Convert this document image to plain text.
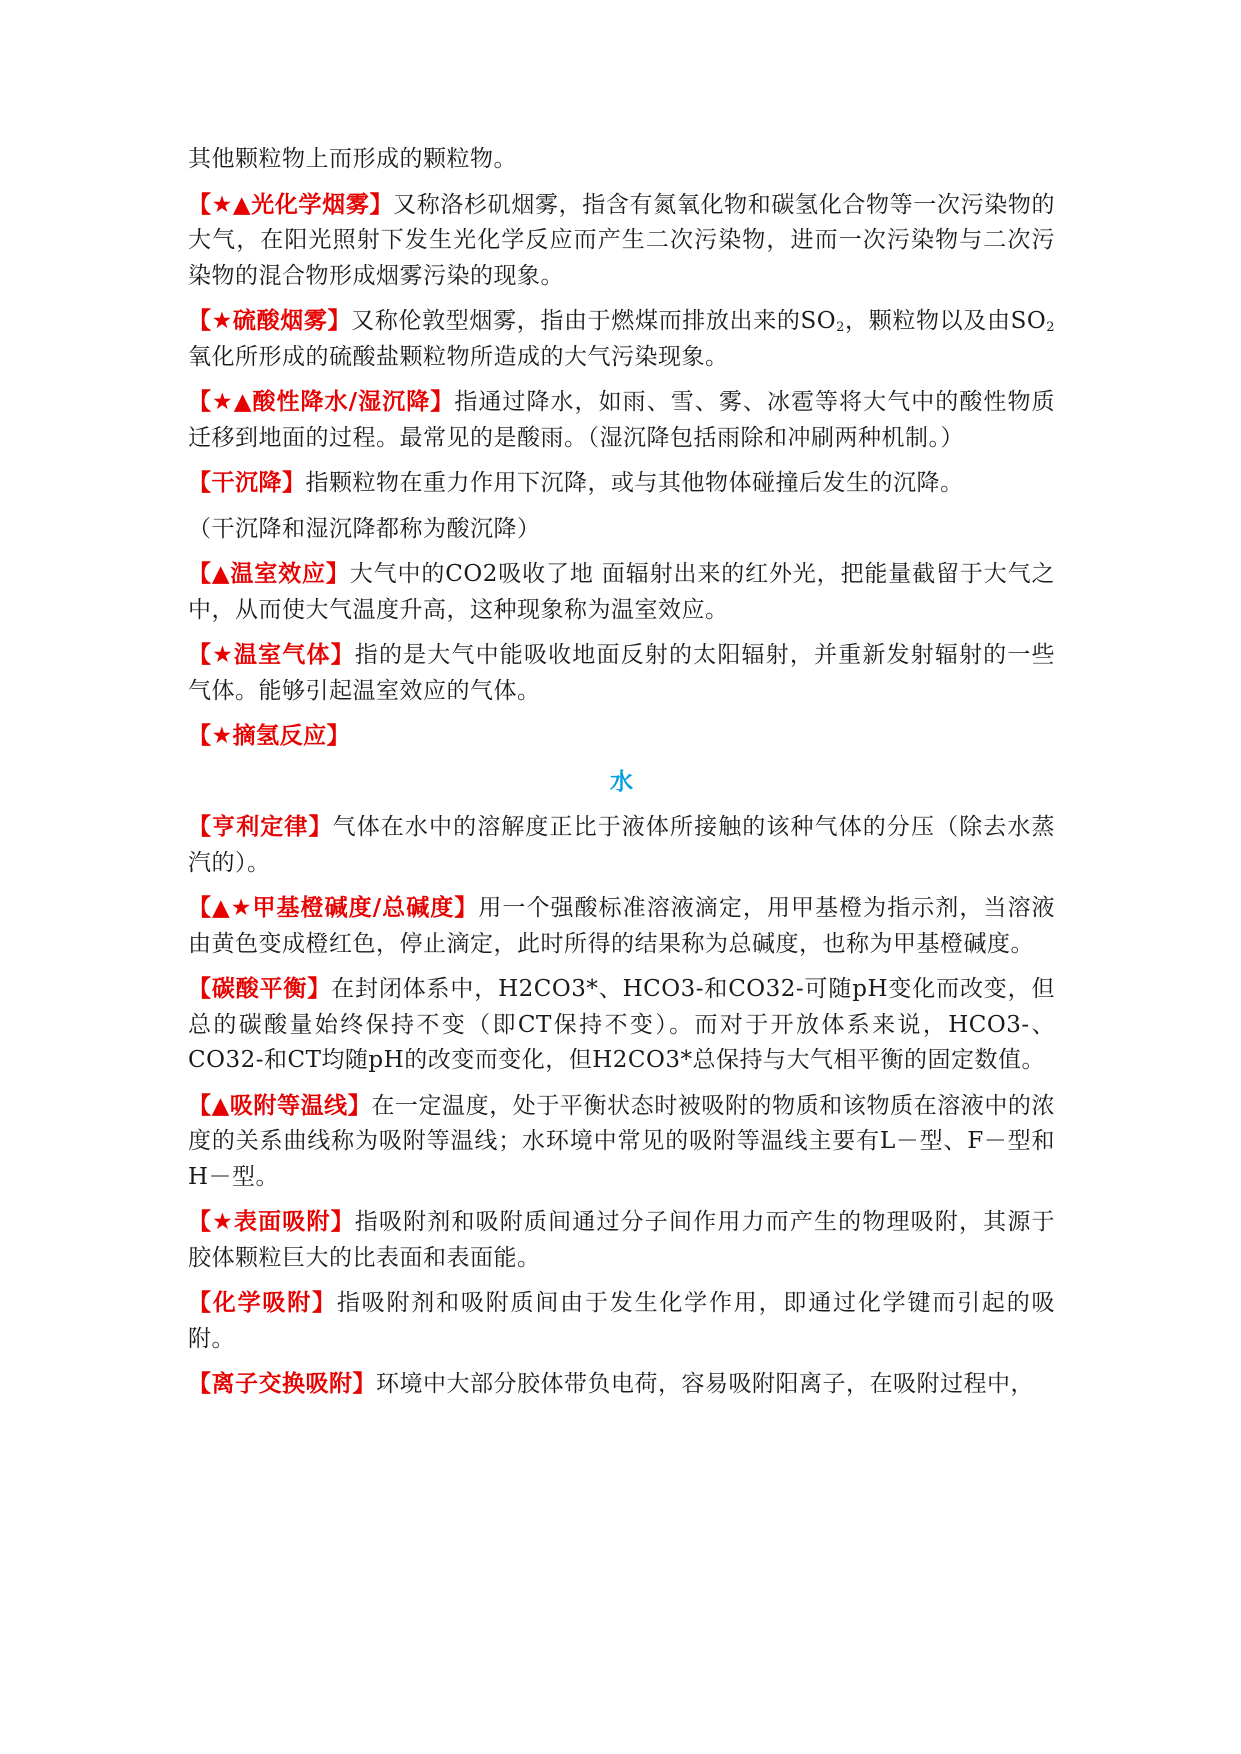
其他颗粒物上而形成的颗粒物。

【★▲光化学烟雾】又称洛杉矶烟雾，指含有氮氧化物和碳氢化合物等一次污染物的大气，在阳光照射下发生光化学反应而产生二次污染物，进而一次污染物与二次污染物的混合物形成烟雾污染的现象。

【★硫酸烟雾】又称伦敦型烟雾，指由于燃煤而排放出来的$SO_2$，颗粒物以及由$SO_2$氧化所形成的硫酸盐颗粒物所造成的大气污染现象。

【★▲酸性降水/湿沉降】指通过降水，如雨、雪、雾、冰雹等将大气中的酸性物质迁移到地面的过程。最常见的是酸雨。（湿沉降包括雨除和冲刷两种机制。）

【干沉降】指颗粒物在重力作用下沉降，或与其他物体碰撞后发生的沉降。

（干沉降和湿沉降都称为酸沉降）

【▲温室效应】大气中的CO2吸收了地 面辐射出来的红外光，把能量截留于大气之中，从而使大气温度升高，这种现象称为温室效应。

【★温室气体】指的是大气中能吸收地面反射的太阳辐射，并重新发射辐射的一些气体。能够引起温室效应的气体。

【★摘氢反应】

水

【亨利定律】气体在水中的溶解度正比于液体所接触的该种气体的分压（除去水蒸汽的）。

【▲★甲基橙碱度/总碱度】用一个强酸标准溶液滴定，用甲基橙为指示剂，当溶液由黄色变成橙红色，停止滴定，此时所得的结果称为总碱度，也称为甲基橙碱度。

【碳酸平衡】在封闭体系中，H2CO3*、HCO3-和CO32-可随pH变化而改变，但总的碳酸量始终保持不变（即CT保持不变）。而对于开放体系来说，HCO3-、CO32-和CT均随pH的改变而变化，但H2CO3*总保持与大气相平衡的固定数值。

【▲吸附等温线】在一定温度，处于平衡状态时被吸附的物质和该物质在溶液中的浓度的关系曲线称为吸附等温线；水环境中常见的吸附等温线主要有L－型、F－型和H－型。

【★表面吸附】指吸附剂和吸附质间通过分子间作用力而产生的物理吸附，其源于胶体颗粒巨大的比表面和表面能。

【化学吸附】指吸附剂和吸附质间由于发生化学作用，即通过化学键而引起的吸附。

【离子交换吸附】环境中大部分胶体带负电荷，容易吸附阳离子，在吸附过程中，
